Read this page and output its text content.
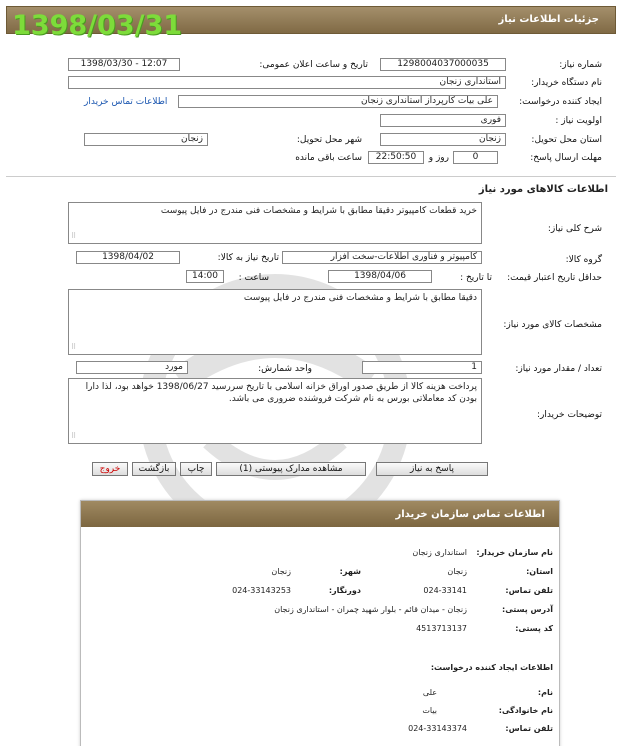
جزئیات اطلاعات نیاز
1398/03/31
شماره نیاز:
1298004037000035
تاریخ و ساعت اعلان عمومی:
1398/03/30 - 12:07
نام دستگاه خریدار:
استانداری زنجان
ایجاد کننده درخواست:
علی بیات کارپرداز استانداری زنجان
اطلاعات تماس خریدار
اولویت نیاز :
فوری
استان محل تحویل:
زنجان
شهر محل تحویل:
زنجان
مهلت ارسال پاسخ:
0
روز و
22:50:50
ساعت باقی مانده
اطلاعات کالاهای مورد نیاز
شرح کلی نیاز:
خرید قطعات کامپیوتر دقیقا مطابق با شرایط و مشخصات فنی مندرج در فایل پیوست
⠿
گروه کالا:
کامپیوتر و فناوری اطلاعات-سخت افزار
تاریخ نیاز به کالا:
1398/04/02
حداقل تاریخ اعتبار قیمت:
تا تاریخ :
1398/04/06
ساعت :
14:00
مشخصات کالای مورد نیاز:
دقیقا مطابق با شرایط و مشخصات فنی مندرج در فایل پیوست
⠿
تعداد / مقدار مورد نیاز:
1
واحد شمارش:
مورد
توضیحات خریدار:
پرداخت هزینه کالا از طریق صدور اوراق خزانه اسلامی با تاریخ سررسید 1398/06/27 خواهد بود، لذا دارا بودن کد معاملاتی بورس به نام شرکت فروشنده ضروری می باشد.
⠿
پاسخ به نیاز
مشاهده مدارک پیوستی (1)
چاپ
بازگشت
خروج
اطلاعات تماس سازمان خریدار
نام سازمان خریدار:
استانداری زنجان
استان:
زنجان
شهر:
زنجان
تلفن تماس:
024-33141
دورنگار:
024-33143253
آدرس پستی:
زنجان - میدان قائم - بلوار شهید چمران - استانداری زنجان
کد پستی:
4513713137
اطلاعات ایجاد کننده درخواست:
نام:
علی
نام خانوادگی:
بیات
تلفن تماس:
024-33143374
